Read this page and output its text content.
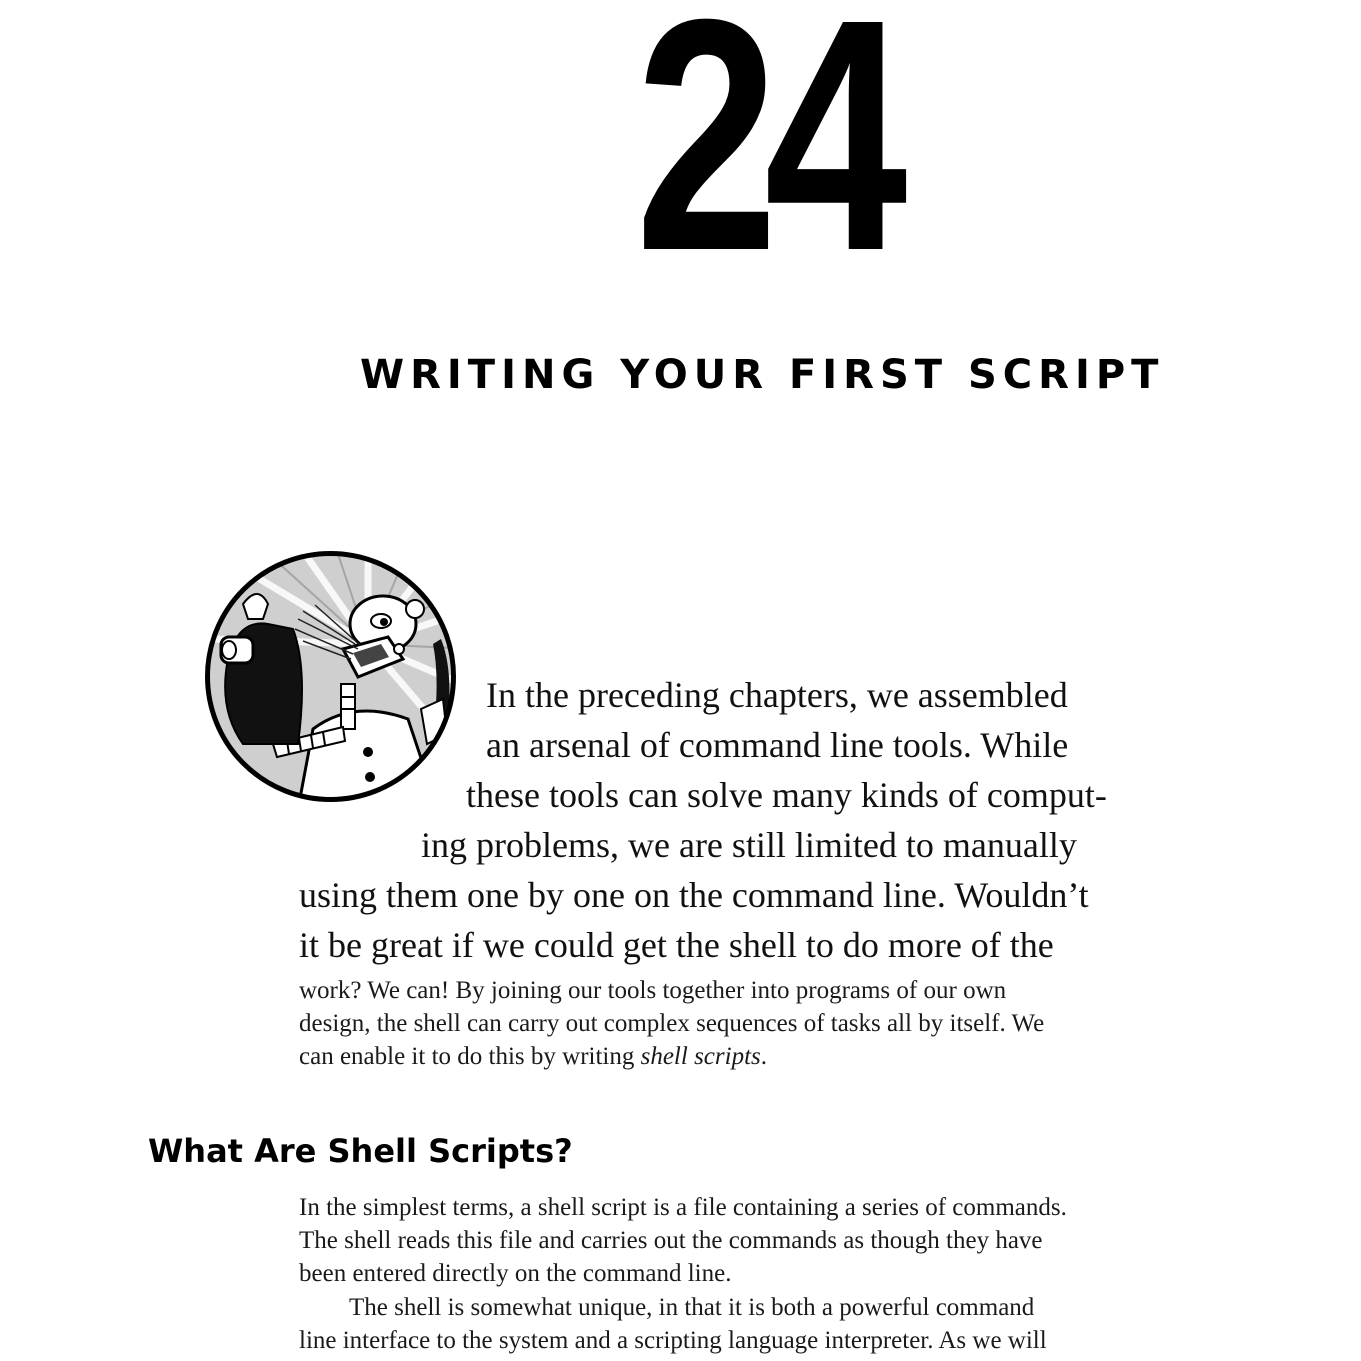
24
WRITING YOUR FIRST SCRIPT
In the preceding chapters, we assembled
an arsenal of command line tools. While
these tools can solve many kinds of comput-
ing problems, we are still limited to manually
using them one by one on the command line. Wouldn’t
it be great if we could get the shell to do more of the
work? We can! By joining our tools together into programs of our own
design, the shell can carry out complex sequences of tasks all by itself. We
can enable it to do this by writing shell scripts.
What Are Shell Scripts?
In the simplest terms, a shell script is a file containing a series of commands.
The shell reads this file and carries out the commands as though they have
been entered directly on the command line.
The shell is somewhat unique, in that it is both a powerful command
line interface to the system and a scripting language interpreter. As we will
